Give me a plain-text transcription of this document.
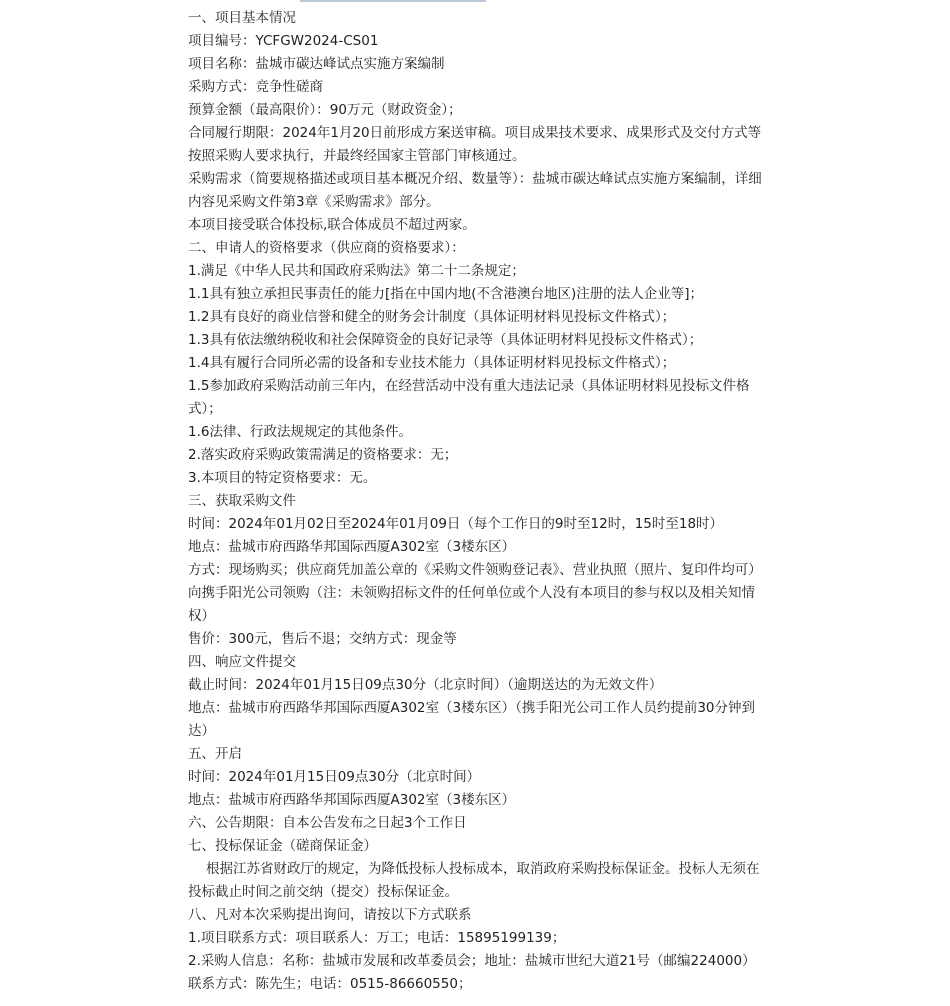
一、项目基本情况

项目编号：YCFGW2024-CS01

项目名称：盐城市碳达峰试点实施方案编制

采购方式：竞争性磋商

预算金额（最高限价）：90万元（财政资金）；

合同履行期限：2024年1月20日前形成方案送审稿。项目成果技术要求、成果形式及交付方式等按照采购人要求执行，并最终经国家主管部门审核通过。

采购需求（简要规格描述或项目基本概况介绍、数量等）：盐城市碳达峰试点实施方案编制，详细内容见采购文件第3章《采购需求》部分。

本项目接受联合体投标,联合体成员不超过两家。

二、申请人的资格要求（供应商的资格要求）：

1.满足《中华人民共和国政府采购法》第二十二条规定；

1.1具有独立承担民事责任的能力[指在中国内地(不含港澳台地区)注册的法人企业等]；

1.2具有良好的商业信誉和健全的财务会计制度（具体证明材料见投标文件格式）；

1.3具有依法缴纳税收和社会保障资金的良好记录等（具体证明材料见投标文件格式）；

1.4具有履行合同所必需的设备和专业技术能力（具体证明材料见投标文件格式）；

1.5参加政府采购活动前三年内，在经营活动中没有重大违法记录（具体证明材料见投标文件格式）；

1.6法律、行政法规规定的其他条件。

2.落实政府采购政策需满足的资格要求：无；

3.本项目的特定资格要求：无。

三、获取采购文件

时间：2024年01月02日至2024年01月09日（每个工作日的9时至12时，15时至18时）

地点：盐城市府西路华邦国际西厦A302室（3楼东区）

方式：现场购买；供应商凭加盖公章的《采购文件领购登记表》、营业执照（照片、复印件均可）向携手阳光公司领购（注：未领购招标文件的任何单位或个人没有本项目的参与权以及相关知情权）

售价：300元，售后不退；交纳方式：现金等

四、响应文件提交

截止时间：2024年01月15日09点30分（北京时间）（逾期送达的为无效文件）

地点：盐城市府西路华邦国际西厦A302室（3楼东区）（携手阳光公司工作人员约提前30分钟到达）

五、开启

时间：2024年01月15日09点30分（北京时间）

地点：盐城市府西路华邦国际西厦A302室（3楼东区）

六、公告期限：自本公告发布之日起3个工作日

七、投标保证金（磋商保证金）

根据江苏省财政厅的规定，为降低投标人投标成本，取消政府采购投标保证金。投标人无须在投标截止时间之前交纳（提交）投标保证金。

八、凡对本次采购提出询问，请按以下方式联系

1.项目联系方式：项目联系人：万工；电话：15895199139；

2.采购人信息：名称：盐城市发展和改革委员会；地址：盐城市世纪大道21号（邮编224000）

联系方式：陈先生；电话：0515-86660550；
